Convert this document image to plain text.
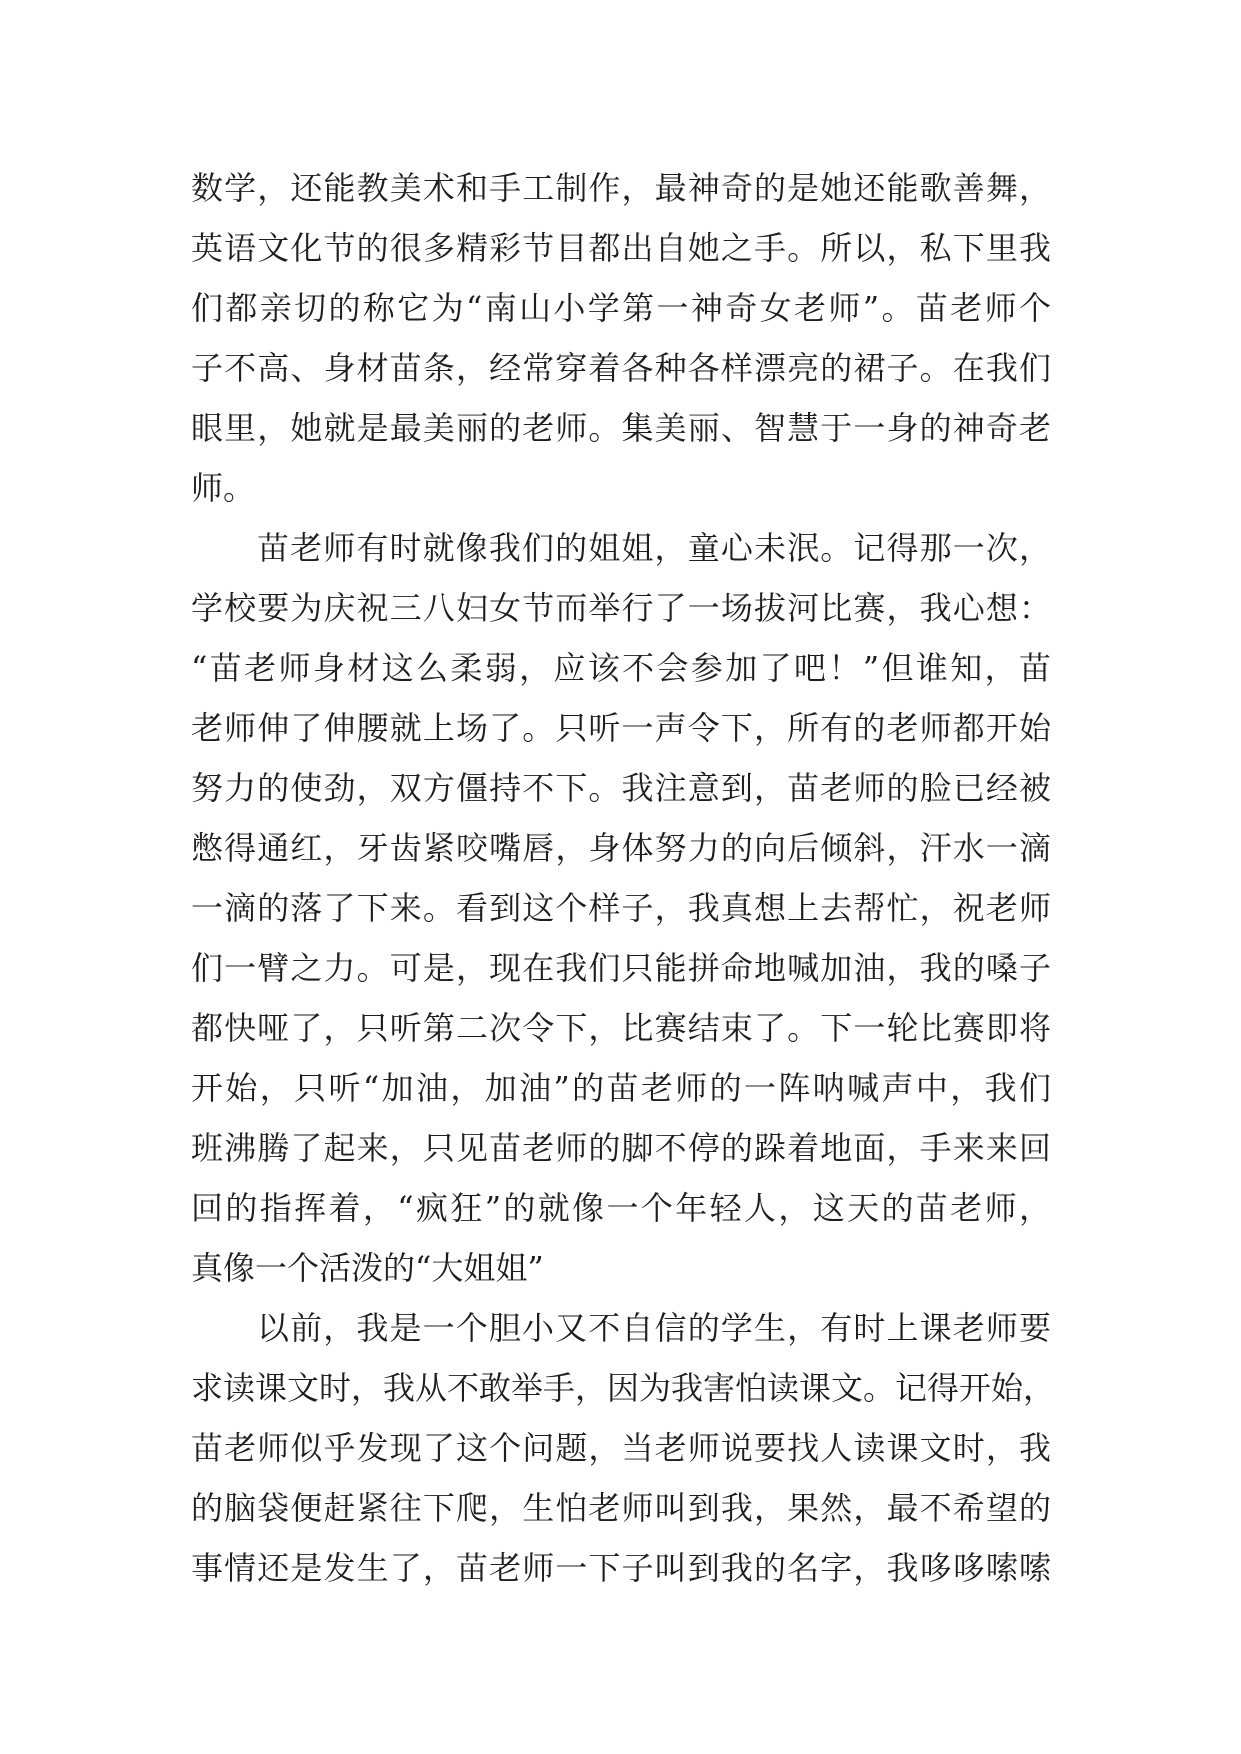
数学，还能教美术和手工制作，最神奇的是她还能歌善舞，
英语文化节的很多精彩节目都出自她之手。所以，私下里我
们都亲切的称它为“南山小学第一神奇女老师”。苗老师个
子不高、身材苗条，经常穿着各种各样漂亮的裙子。在我们
眼里，她就是最美丽的老师。集美丽、智慧于一身的神奇老
师。
苗老师有时就像我们的姐姐，童心未泯。记得那一次，
学校要为庆祝三八妇女节而举行了一场拔河比赛，我心想：
“苗老师身材这么柔弱，应该不会参加了吧！”但谁知，苗
老师伸了伸腰就上场了。只听一声令下，所有的老师都开始
努力的使劲，双方僵持不下。我注意到，苗老师的脸已经被
憋得通红，牙齿紧咬嘴唇，身体努力的向后倾斜，汗水一滴
一滴的落了下来。看到这个样子，我真想上去帮忙，祝老师
们一臂之力。可是，现在我们只能拼命地喊加油，我的嗓子
都快哑了，只听第二次令下，比赛结束了。下一轮比赛即将
开始，只听“加油，加油”的苗老师的一阵呐喊声中，我们
班沸腾了起来，只见苗老师的脚不停的跺着地面，手来来回
回的指挥着，“疯狂”的就像一个年轻人，这天的苗老师，
真像一个活泼的“大姐姐”
以前，我是一个胆小又不自信的学生，有时上课老师要
求读课文时，我从不敢举手，因为我害怕读课文。记得开始，
苗老师似乎发现了这个问题，当老师说要找人读课文时，我
的脑袋便赶紧往下爬，生怕老师叫到我，果然，最不希望的
事情还是发生了，苗老师一下子叫到我的名字，我哆哆嗦嗦
